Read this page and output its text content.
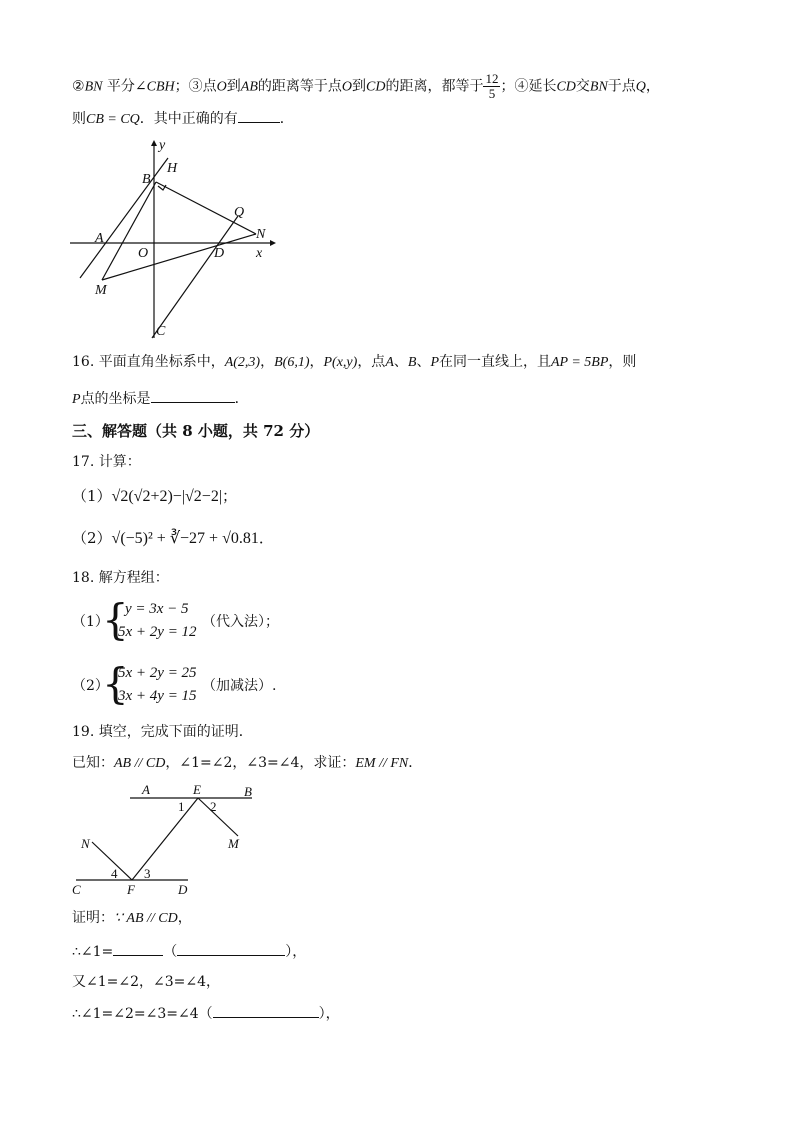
②BN 平分∠CBH；③点O到AB的距离等于点O到CD的距离，都等于 $\frac{12}{5}$ ；④延长CD交BN于点Q，
则CB = CQ．其中正确的有	．
y
H
B
Q
A	N
O	D x
M
C
16. 平面直角坐标系中，A(2,3)，B(6,1)，P(x,y)，点A、B、P在同一直线上，且AP = 5BP，则
P点的坐标是	．
三、解答题（共 8 小题，共 72 分）
17. 计算：
（1）√2(√2+2)−|√2−2|；
（2）√(−5)² + ∛−27 + √0.81．
18. 解方程组：
（1）
{
y = 3x − 5
5x + 2y = 12
（代入法）；
（2）
{
5x + 2y = 25
3x + 4y = 15
（加减法）.
19. 填空，完成下面的证明．
已知：AB // CD，∠1=∠2，∠3=∠4，求证：EM // FN．
A	E	B
1 2
N	M
4 3
C	F	D
证明：∵ AB // CD，
∴∠1=	（	），
又∠1=∠2，∠3=∠4，
∴∠1=∠2=∠3=∠4（	），
